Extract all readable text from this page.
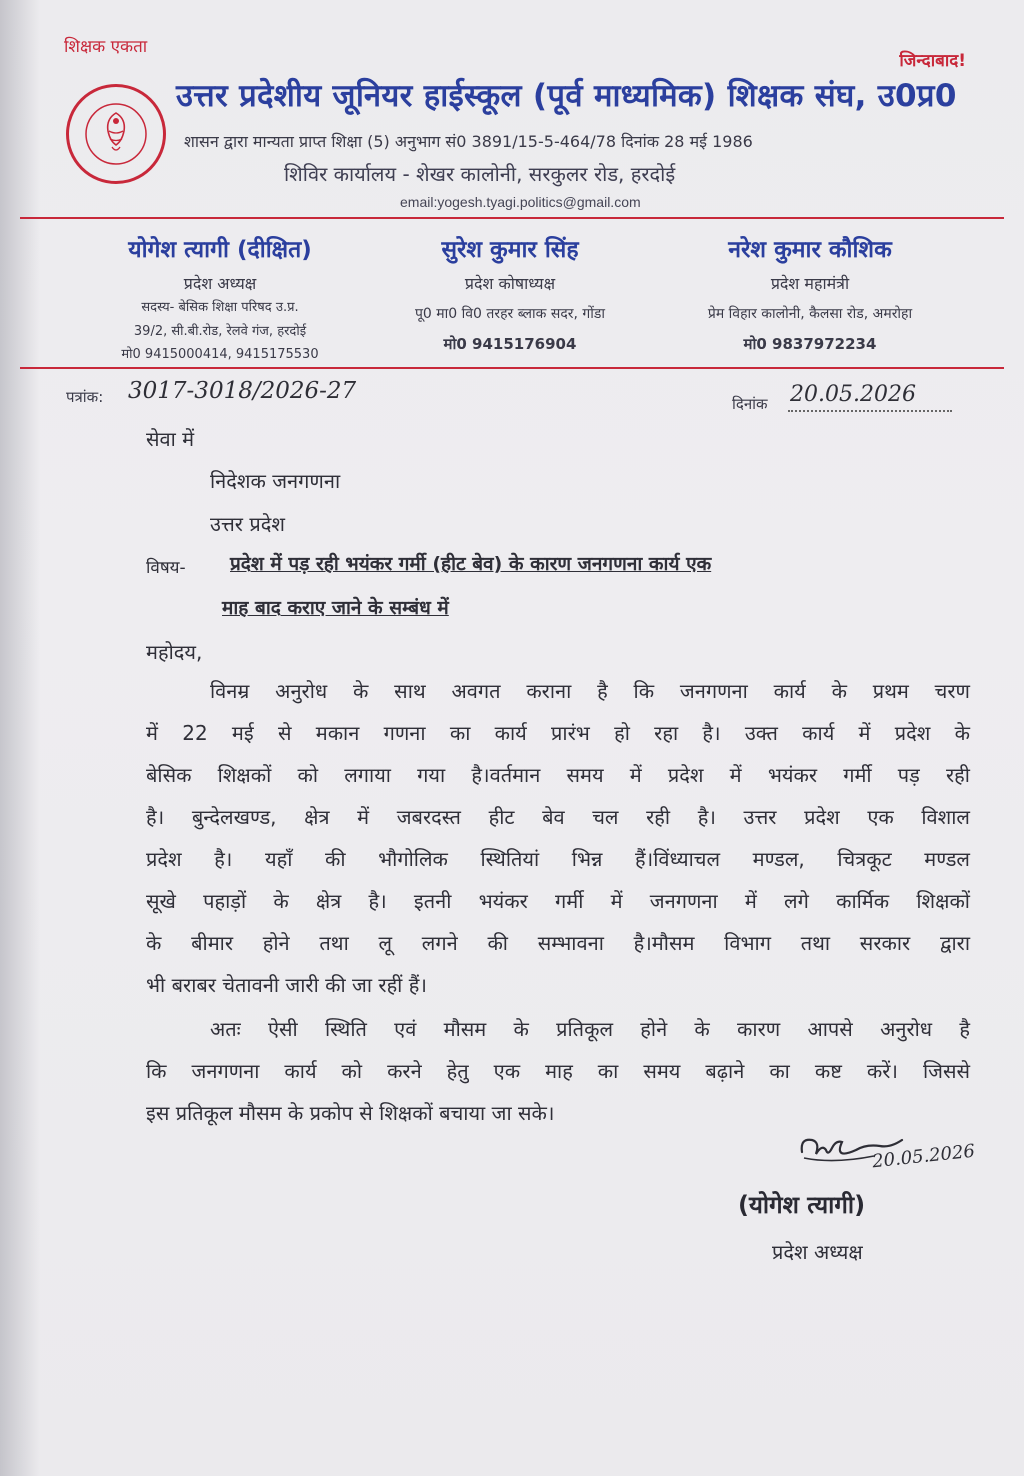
शिक्षक एकता
जिन्दाबाद!
उत्तर प्रदेशीय जूनियर हाईस्कूल (पूर्व माध्यमिक) शिक्षक संघ, उ0प्र0
शासन द्वारा मान्यता प्राप्त शिक्षा (5) अनुभाग सं0 3891/15-5-464/78 दिनांक 28 मई 1986
शिविर कार्यालय - शेखर कालोनी, सरकुलर रोड, हरदोई
email:yogesh.tyagi.politics@gmail.com
योगेश त्यागी (दीक्षित)
प्रदेश अध्यक्ष
सदस्य- बेसिक शिक्षा परिषद उ.प्र.
39/2, सी.बी.रोड, रेलवे गंज, हरदोई
मो0 9415000414, 9415175530
सुरेश कुमार सिंह
प्रदेश कोषाध्यक्ष
पू0 मा0 वि0 तरहर ब्लाक सदर, गोंडा
मो0 9415176904
नरेश कुमार कौशिक
प्रदेश महामंत्री
प्रेम विहार कालोनी, कैलसा रोड, अमरोहा
मो0 9837972234
पत्रांक: 3017-3018/2026-27	दिनांक 20.05.2026
सेवा में
निदेशक जनगणना
उत्तर प्रदेश
विषय- प्रदेश में पड़ रही भयंकर गर्मी (हीट बेव) के कारण जनगणना कार्य एक
माह बाद कराए जाने के सम्बंध में
महोदय,
विनम्र अनुरोध के साथ अवगत कराना है कि जनगणना कार्य के प्रथम चरण
में 22 मई से मकान गणना का कार्य प्रारंभ हो रहा है। उक्त कार्य में प्रदेश के
बेसिक शिक्षकों को लगाया गया है।वर्तमान समय में प्रदेश में भयंकर गर्मी पड़ रही
है। बुन्देलखण्ड, क्षेत्र में जबरदस्त हीट बेव चल रही है। उत्तर प्रदेश एक विशाल
प्रदेश है। यहाँ की भौगोलिक स्थितियां भिन्न हैं।विंध्याचल मण्डल, चित्रकूट मण्डल
सूखे पहाड़ों के क्षेत्र है। इतनी भयंकर गर्मी में जनगणना में लगे कार्मिक शिक्षकों
के बीमार होने तथा लू लगने की सम्भावना है।मौसम विभाग तथा सरकार द्वारा
भी बराबर चेतावनी जारी की जा रहीं हैं।
अतः ऐसी स्थिति एवं मौसम के प्रतिकूल होने के कारण आपसे अनुरोध है
कि जनगणना कार्य को करने हेतु एक माह का समय बढ़ाने का कष्ट करें। जिससे
इस प्रतिकूल मौसम के प्रकोप से शिक्षकों बचाया जा सके।
20.05.2026
(योगेश त्यागी)
प्रदेश अध्यक्ष
